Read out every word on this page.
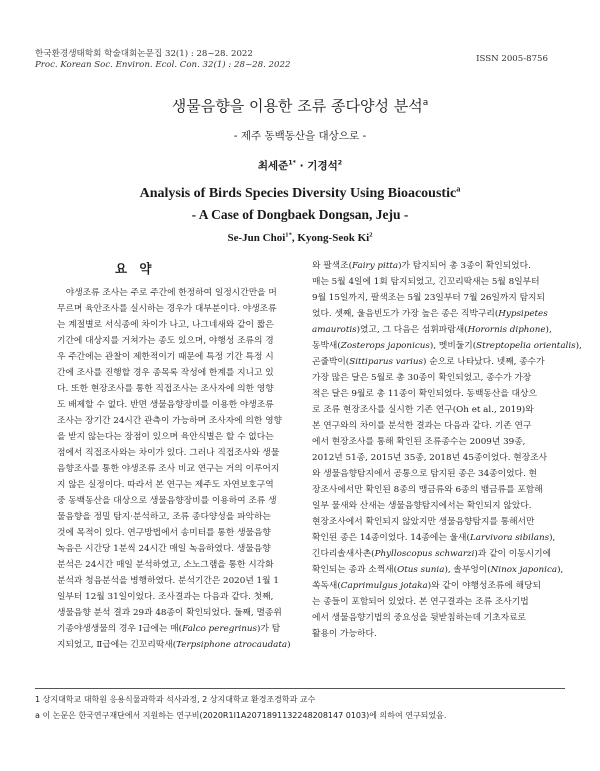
한국환경생태학회 학술대회논문집 32(1) : 28~28. 2022
Proc. Korean Soc. Environ. Ecol. Con. 32(1) : 28~28. 2022
ISSN 2005-8756
생물음향을 이용한 조류 종다양성 분석$^a$
- 제주 동백동산을 대상으로 -
최세준$^{1*}$ · 기경석$^2$
Analysis of Birds Species Diversity Using Bioacoustic$^a$
- A Case of Dongbaek Dongsan, Jeju -
Se-Jun Choi$^{1*}$, Kyong-Seok Ki$^2$
요 약
　야생조류 조사는 주로 주간에 한정하여 일정시간만을 머
무르며 육안조사를 실시하는 경우가 대부분이다. 야생조류
는 계절별로 서식종에 차이가 나고, 나그네새와 같이 짧은
기간에 대상지를 거쳐가는 종도 있으며, 야행성 조류의 경
우 주간에는 관찰이 제한적이기 때문에 특정 기간 특정 시
간에 조사를 진행할 경우 종목록 작성에 한계를 지니고 있
다. 또한 현장조사를 통한 직접조사는 조사자에 의한 영향
도 배제할 수 없다. 반면 생물음향장비를 이용한 야생조류
조사는 장기간 24시간 관측이 가능하며 조사자에 의한 영향
을 받지 않는다는 장점이 있으며 육안식별은 할 수 없다는
점에서 직접조사와는 차이가 있다. 그러나 직접조사와 생물
음향조사를 통한 야생조류 조사 비교 연구는 거의 이루어지
지 않은 실정이다. 따라서 본 연구는 제주도 자연보호구역
중 동백동산을 대상으로 생물음향장비를 이용하여 조류 생
물음향을 정밀 탐지·분석하고, 조류 종다양성을 파악하는
것에 목적이 있다. 연구방법에서 송미터를 통한 생물음향
녹음은 시간당 1분씩 24시간 매일 녹음하였다. 생물음향
분석은 24시간 매일 분석하였고, 소노그램을 통한 시각화
분석과 청음분석을 병행하였다. 분석기간은 2020년 1월 1
일부터 12월 31일이었다. 조사결과는 다음과 같다. 첫째,
생물음향 분석 결과 29과 48종이 확인되었다. 둘째, 멸종위
기종야생생물의 경우 Ⅰ급에는 매(Falco peregrinus)가 탐
지되었고, Ⅱ급에는 긴꼬리딱새(Terpsiphone atrocaudata)
와 팔색조(Fairy pitta)가 탐지되어 총 3종이 확인되었다.
매는 5월 4일에 1회 탐지되었고, 긴꼬리딱새는 5월 8일부터
9월 15일까지, 팔색조는 5월 23일부터 7월 26일까지 탐지되
었다. 셋째, 울음빈도가 가장 높은 종은 직박구리(Hypsipetes
amaurotis)였고, 그 다음은 섬휘파람새(Horornis diphone),
동박새(Zosterops japonicus), 멧비둘기(Streptopelia orientalis),
곤줄박이(Sittiparus varius) 순으로 나타났다. 넷째, 종수가
가장 많은 달은 5월로 총 30종이 확인되었고, 종수가 가장
적은 달은 9월로 총 11종이 확인되었다. 동백동산을 대상으
로 조류 현장조사를 실시한 기존 연구(Oh et al., 2019)와
본 연구와의 차이를 분석한 결과는 다음과 같다. 기존 연구
에서 현장조사를 통해 확인된 조류종수는 2009년 39종,
2012년 51종, 2015년 35종, 2018년 45종이었다. 현장조사
와 생물음향탐지에서 공통으로 탐지된 종은 34종이었다. 현
장조사에서만 확인된 8종의 맹금류와 6종의 뱀금류를 포함해
일부 물새와 산새는 생물음향탐지에서는 확인되지 않았다.
현장조사에서 확인되지 않았지만 생물음향탐지를 통해서만
확인된 종은 14종이었다. 14종에는 울새(Larvivora sibilans),
긴다리솔새사촌(Phylloscopus schwarzi)과 같이 이동시기에
확인되는 종과 소쩍새(Otus sunia), 솔부엉이(Ninox japonica),
쏙독새(Caprimulgus jotaka)와 같이 야행성조류에 해당되
는 종들이 포함되어 있었다. 본 연구결과는 조류 조사기법
에서 생물음향기법의 중요성을 뒷받침하는데 기초자료로
활용이 가능하다.
1 상지대학교 대학원 응용식물과학과 석사과정, 2 상지대학교 환경조경학과 교수
a 이 논문은 한국연구재단에서 지원하는 연구비(2020R1I1A2071891132248208147 0103)에 의하여 연구되었음.
